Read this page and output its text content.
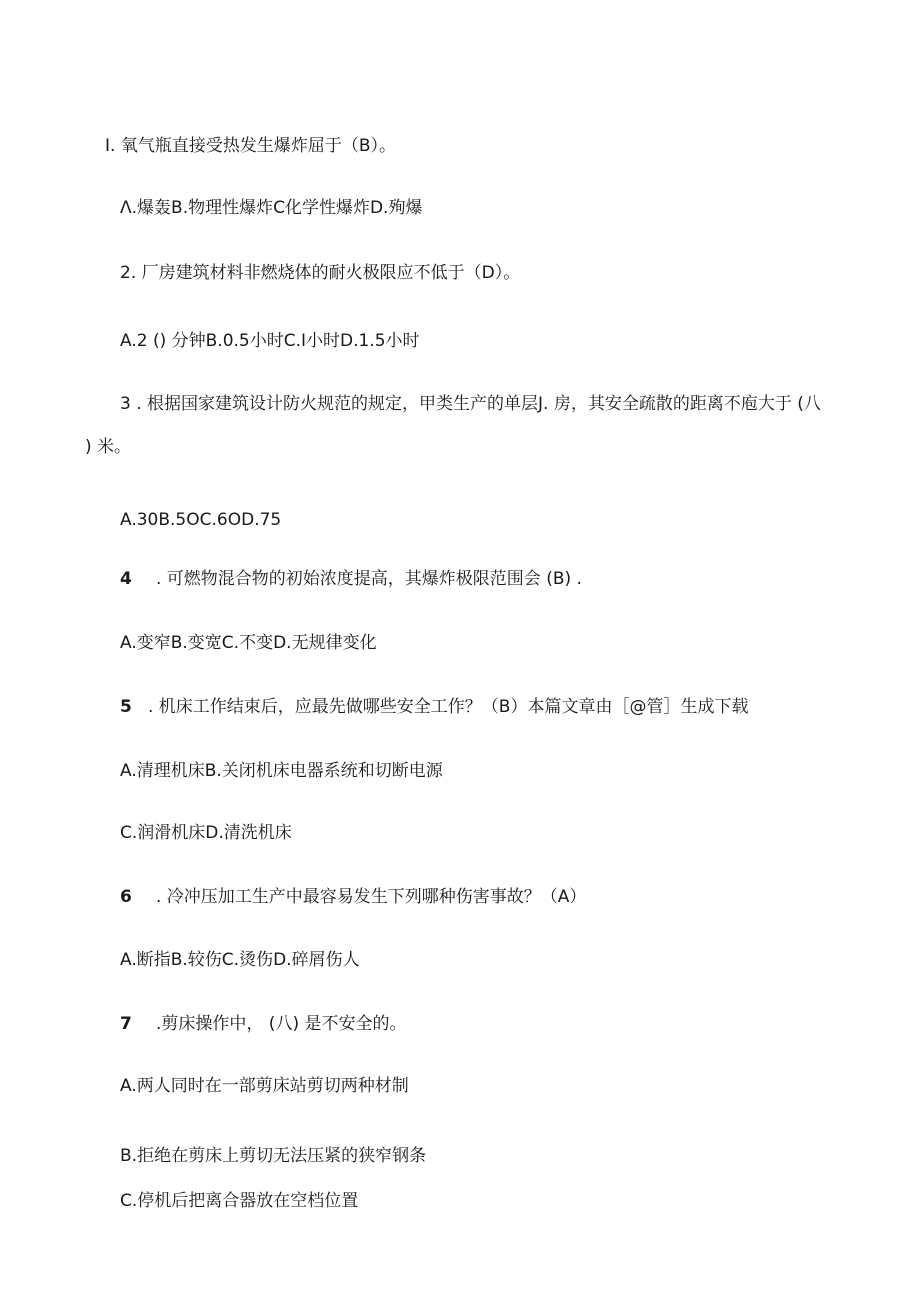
I. 氧气瓶直接受热发生爆炸屈于（B）。
Λ.爆轰B.物理性爆炸C化学性爆炸D.殉爆
2. 厂房建筑材料非燃烧体的耐火极限应不低于（D）。
A.2 () 分钟B.0.5小时C.I小时D.1.5小时
3 . 根据国家建筑设计防火规范的规定，甲类生产的单层J. 房，其安全疏散的距离不庖大于 (八
) 米。
A.30B.5OC.6OD.75
4 . 可燃物混合物的初始浓度提高，其爆炸极限范围会 (B) .
A.变窄B.变宽C.不变D.无规律变化
5 . 机床工作结束后，应最先做哪些安全工作？（B）本篇文章由［@管］生成下载
A.清理机床B.关闭机床电器系统和切断电源
C.润滑机床D.清洗机床
6 . 冷冲压加工生产中最容易发生下列哪种伤害事故？（A）
A.断指B.较伤C.烫伤D.碎屑伤人
7 .剪床操作中， (八) 是不安全的。
A.两人同时在一部剪床站剪切两种材制
B.拒绝在剪床上剪切无法压紧的狭窄钢条
C.停机后把离合器放在空档位置
